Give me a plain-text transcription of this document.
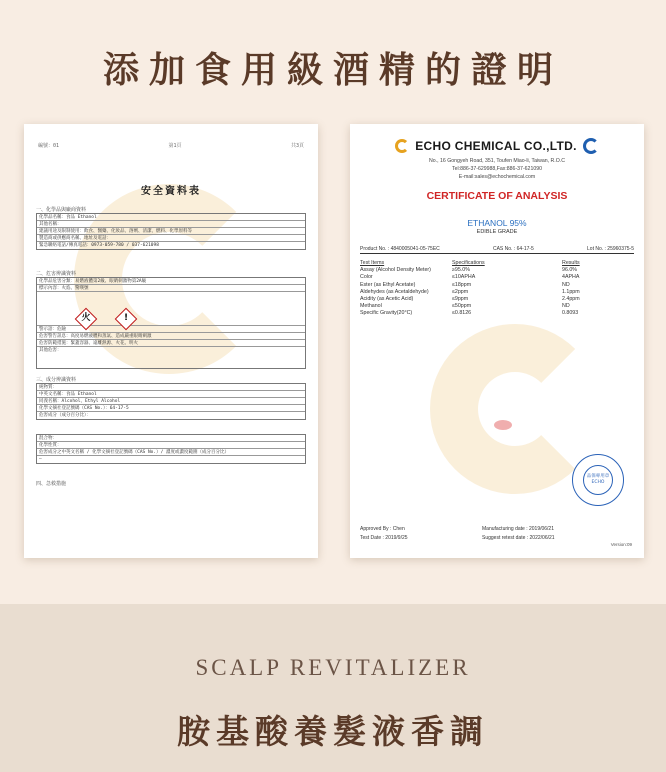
添加食用級酒精的證明
編號：01	第1頁	共3頁
安全資料表
一、化學品與廠商資料
化學品名稱：食品 Ethanol
其他名稱：
建議用途及限制使用：飲食、醫藥、化妝品、溶劑、清潔、燃料、化學原料等
製造商或供應商名稱、地址及電話：
緊急聯絡電話/傳真電話：0973-059-780 / 037-621098
二、危害辨識資料
化學品危害分類：易燃液體第2級、眼睛刺激物第2A級
標示內容：火焰、驚嘆號
警示語：危險
危害警告訊息：高度易燃液體和蒸氣、造成嚴重眼睛刺激
危害防範措施：緊蓋容器、遠離熱源、火花、明火
其他危害：
火	!
三、成分辨識資料
純物質：
中英文名稱：食品 Ethanol
同義名稱：Alcohol、Ethyl Alcohol
化學文摘社登記號碼（CAS No.）：64-17-5
危害成分（成分百分比）：
混合物：
化學性質：
危害成分之中英文名稱 / 化學文摘社登記號碼（CAS No.）/ 濃度或濃度範圍（成分百分比）
—
四、急救措施
ECHO CHEMICAL CO.,LTD.
No., 16 Gongyeh Road, 351, Toufen Miao-li, Taiwan, R.O.C
Tel:886-37-629988,Fax:886-37-621090
E-mail:sales@echochemical.com
CERTIFICATE OF ANALYSIS
ETHANOL 95%
EDIBLE GRADE
Product No. : 4840005041-05-75EC	CAS No. : 64-17-5	Lot No. : 25960375-5
Test Items	Specifications	Results
Assay (Alcohol Density Meter)	≥95.0%	96.0%
Color	≤10APHA	4APHA
Ester (as Ethyl Acetate)	≤18ppm	ND
Aldehydes (as Acetaldehyde)	≤2ppm	1.1ppm
Acidity (as Acetic Acid)	≤9ppm	2.4ppm
Methanol	≤50ppm	ND
Specific Gravity(20°C)	≤0.8126	0.8093
品保專用章
ECHO
Approved By : Chen	Manufacturing date : 2019/06/21
Test Date : 2019/9/25	Suggest retest date : 2022/06/21
Version:09
SCALP REVITALIZER
胺基酸養髮液香調
